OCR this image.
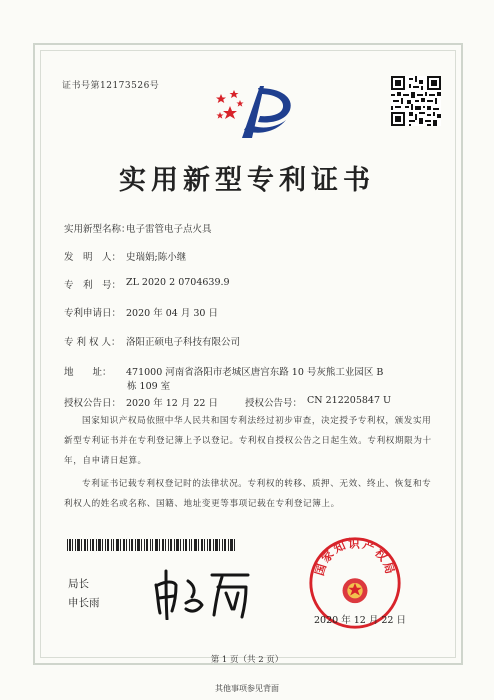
证书号第12173526号
实用新型专利证书
实用新型名称：
电子雷管电子点火具
发　明　人： 史瑞娟;陈小继
专　利　号： ZL 2020 2 0704639.9
专利申请日： 2020 年 04 月 30 日
专 利 权 人： 洛阳正硕电子科技有限公司
地　　址： 471000 河南省洛阳市老城区唐宫东路 10 号灰熊工业园区 B
栋 109 室
授权公告日： 2020 年 12 月 22 日	授权公告号： CN 212205847 U
国家知识产权局依照中华人民共和国专利法经过初步审查，决定授予专利权，颁发实用
新型专利证书并在专利登记簿上予以登记。专利权自授权公告之日起生效。专利权期限为十
年，自申请日起算。
专利证书记载专利权登记时的法律状况。专利权的转移、质押、无效、终止、恢复和专
利权人的姓名或名称、国籍、地址变更等事项记载在专利登记簿上。
局长
申长雨
国家知识产权局
2020 年 12 月 22 日
第 1 页（共 2 页）
其他事项参见背面
